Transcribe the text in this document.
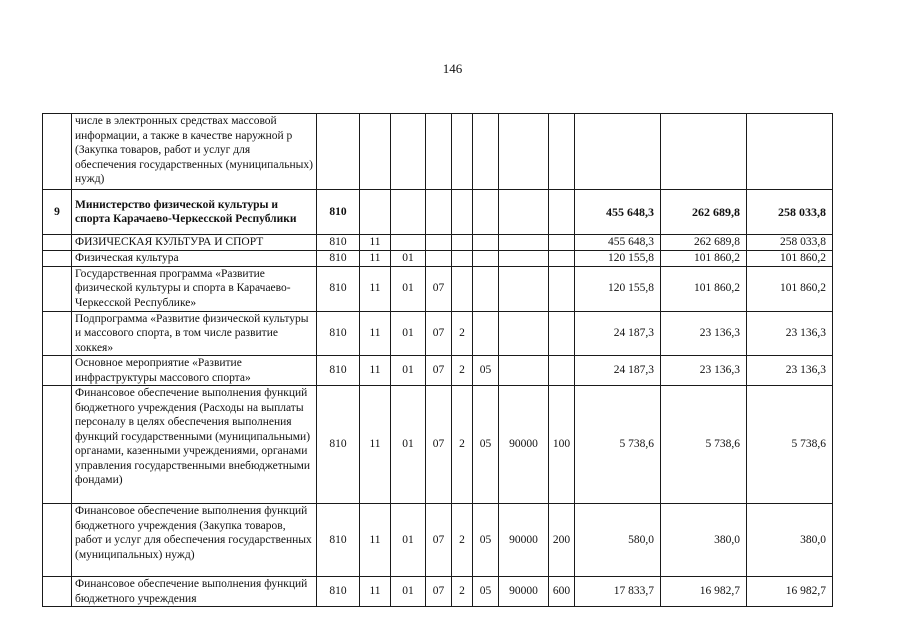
146
	числе в электронных средствах массовой информации, а также в качестве наружной р (Закупка товаров, работ и услуг для обеспечения государственных (муниципальных) нужд)											
9	Министерство физической культуры и спорта Карачаево-Черкесской Республики	810								455 648,3	262 689,8	258 033,8
	ФИЗИЧЕСКАЯ КУЛЬТУРА И СПОРТ	810	11							455 648,3	262 689,8	258 033,8
	Физическая культура	810	11	01						120 155,8	101 860,2	101 860,2
	Государственная программа «Развитие физической культуры и спорта в Карачаево-Черкесской Республике»	810	11	01	07					120 155,8	101 860,2	101 860,2
	Подпрограмма «Развитие физической культуры и массового спорта, в том числе развитие хоккея»	810	11	01	07	2				24 187,3	23 136,3	23 136,3
	Основное мероприятие «Развитие инфраструктуры массового спорта»	810	11	01	07	2	05			24 187,3	23 136,3	23 136,3
	Финансовое обеспечение выполнения функций бюджетного учреждения (Расходы на выплаты персоналу в целях обеспечения выполнения функций государственными (муниципальными) органами, казенными учреждениями, органами управления государственными внебюджетными фондами)	810	11	01	07	2	05	90000	100	5 738,6	5 738,6	5 738,6
	Финансовое обеспечение выполнения функций бюджетного учреждения (Закупка товаров, работ и услуг для обеспечения государственных (муниципальных) нужд)	810	11	01	07	2	05	90000	200	580,0	380,0	380,0
	Финансовое обеспечение выполнения функций бюджетного учреждения	810	11	01	07	2	05	90000	600	17 833,7	16 982,7	16 982,7
